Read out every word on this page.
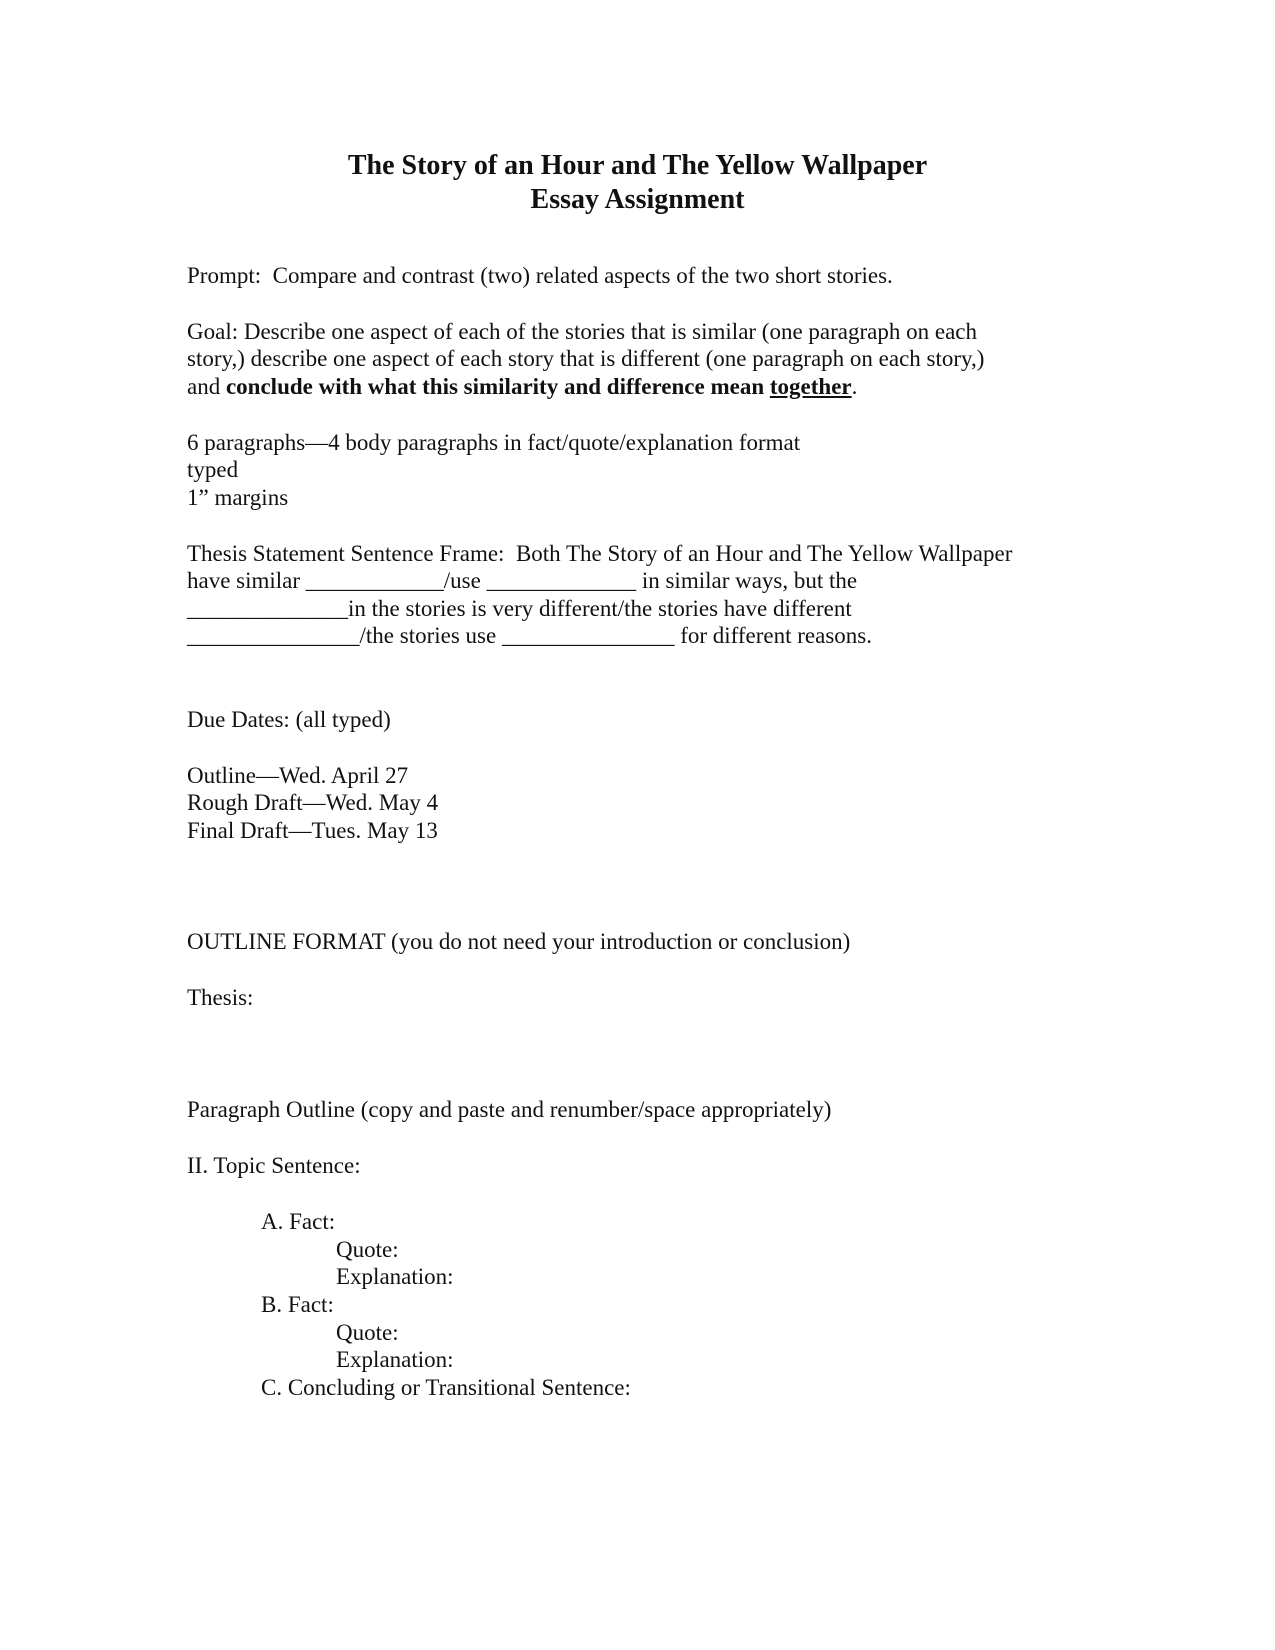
The Story of an Hour and The Yellow Wallpaper
Essay Assignment
Prompt:  Compare and contrast (two) related aspects of the two short stories.
Goal: Describe one aspect of each of the stories that is similar (one paragraph on each
story,) describe one aspect of each story that is different (one paragraph on each story,)
and conclude with what this similarity and difference mean together.
6 paragraphs—4 body paragraphs in fact/quote/explanation format
typed
1” margins
Thesis Statement Sentence Frame:  Both The Story of an Hour and The Yellow Wallpaper
have similar ____________/use _____________ in similar ways, but the
______________in the stories is very different/the stories have different
_______________/the stories use _______________ for different reasons.
Due Dates: (all typed)
Outline—Wed. April 27
Rough Draft—Wed. May 4
Final Draft—Tues. May 13
OUTLINE FORMAT (you do not need your introduction or conclusion)
Thesis:
Paragraph Outline (copy and paste and renumber/space appropriately)
II. Topic Sentence:
A. Fact:
Quote:
Explanation:
B. Fact:
Quote:
Explanation:
C. Concluding or Transitional Sentence:
